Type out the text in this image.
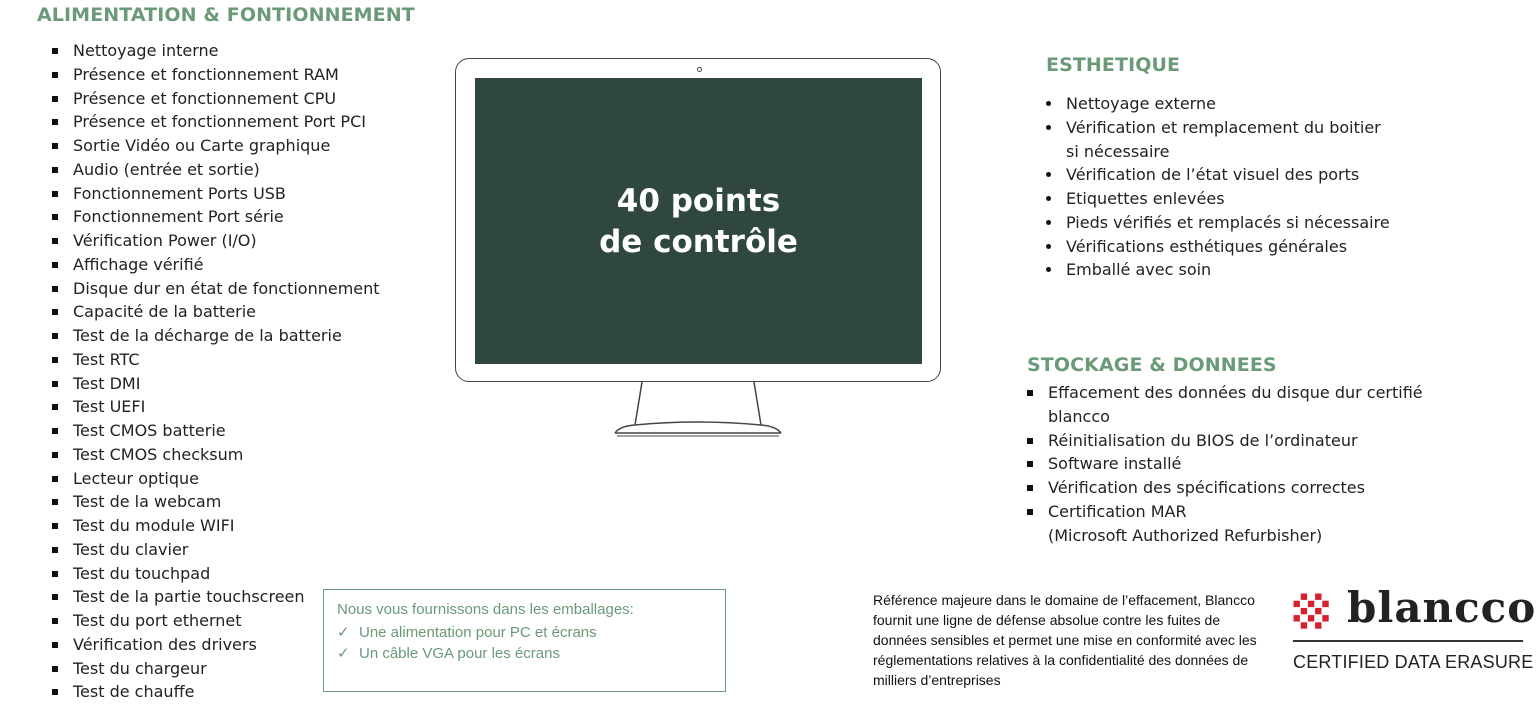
ALIMENTATION & FONTIONNEMENT
Nettoyage interne
Présence et fonctionnement RAM
Présence et fonctionnement CPU
Présence et fonctionnement Port PCI
Sortie Vidéo ou Carte graphique
Audio (entrée et sortie)
Fonctionnement Ports USB
Fonctionnement Port série
Vérification Power (I/O)
Affichage vérifié
Disque dur en état de fonctionnement
Capacité de la batterie
Test de la décharge de la batterie
Test RTC
Test DMI
Test UEFI
Test CMOS batterie
Test CMOS checksum
Lecteur optique
Test de la webcam
Test du module WIFI
Test du clavier
Test du touchpad
Test de la partie touchscreen
Test du port ethernet
Vérification des drivers
Test du chargeur
Test de chauffe
40 points
de contrôle
ESTHETIQUE
Nettoyage externe
Vérification et remplacement du boitier
si nécessaire
Vérification de l’état visuel des ports
Etiquettes enlevées
Pieds vérifiés et remplacés si nécessaire
Vérifications esthétiques générales
Emballé avec soin
STOCKAGE & DONNEES
Effacement des données du disque dur certifié
blancco
Réinitialisation du BIOS de l’ordinateur
Software installé
Vérification des spécifications correctes
Certification MAR
(Microsoft Authorized Refurbisher)
Nous vous fournissons dans les emballages:
✓ Une alimentation pour PC et écrans
✓ Un câble VGA pour les écrans
Référence majeure dans le domaine de l’effacement, Blancco
fournit une ligne de défense absolue contre les fuites de
données sensibles et permet une mise en conformité avec les
réglementations relatives à la confidentialité des données de
milliers d’entreprises
blancco
CERTIFIED DATA ERASURE
